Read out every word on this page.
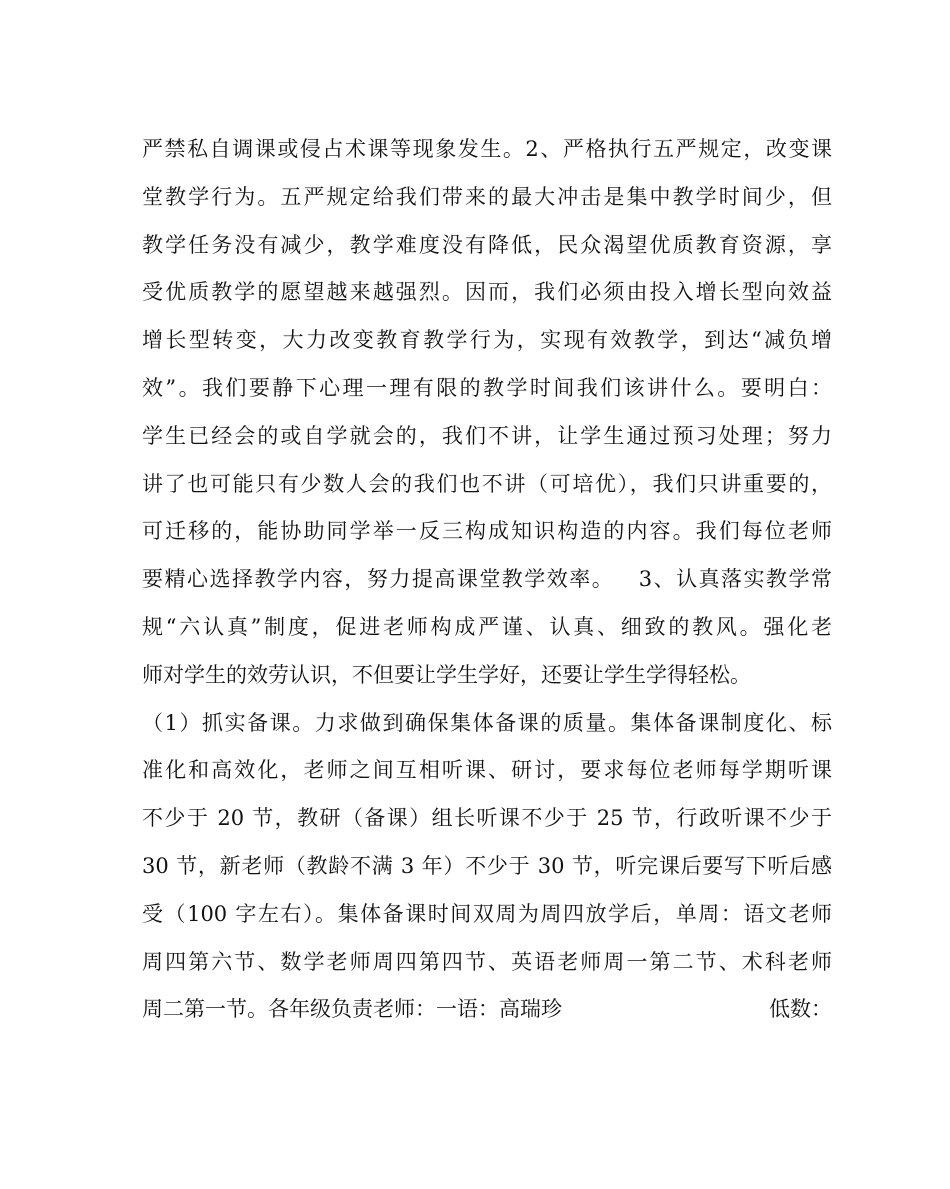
严禁私自调课或侵占术课等现象发生。2、严格执行五严规定，改变课
堂教学行为。五严规定给我们带来的最大冲击是集中教学时间少，但
教学任务没有减少，教学难度没有降低，民众渴望优质教育资源，享
受优质教学的愿望越来越强烈。因而，我们必须由投入增长型向效益
增长型转变，大力改变教育教学行为，实现有效教学，到达“减负增
效”。我们要静下心理一理有限的教学时间我们该讲什么。要明白：
学生已经会的或自学就会的，我们不讲，让学生通过预习处理；努力
讲了也可能只有少数人会的我们也不讲（可培优），我们只讲重要的，
可迁移的，能协助同学举一反三构成知识构造的内容。我们每位老师
要精心选择教学内容，努力提高课堂教学效率。   3、认真落实教学常
规“六认真”制度，促进老师构成严谨、认真、细致的教风。强化老
师对学生的效劳认识，不但要让学生学好，还要让学生学得轻松。
（1）抓实备课。力求做到确保集体备课的质量。集体备课制度化、标
准化和高效化，老师之间互相听课、研讨，要求每位老师每学期听课
不少于 20 节，教研（备课）组长听课不少于 25 节，行政听课不少于
30 节，新老师（教龄不满 3 年）不少于 30 节，听完课后要写下听后感
受（100 字左右）。集体备课时间双周为周四放学后，单周：语文老师
周四第六节、数学老师周四第四节、英语老师周一第二节、术科老师
周二第一节。各年级负责老师：一语：高瑞珍	低数：
